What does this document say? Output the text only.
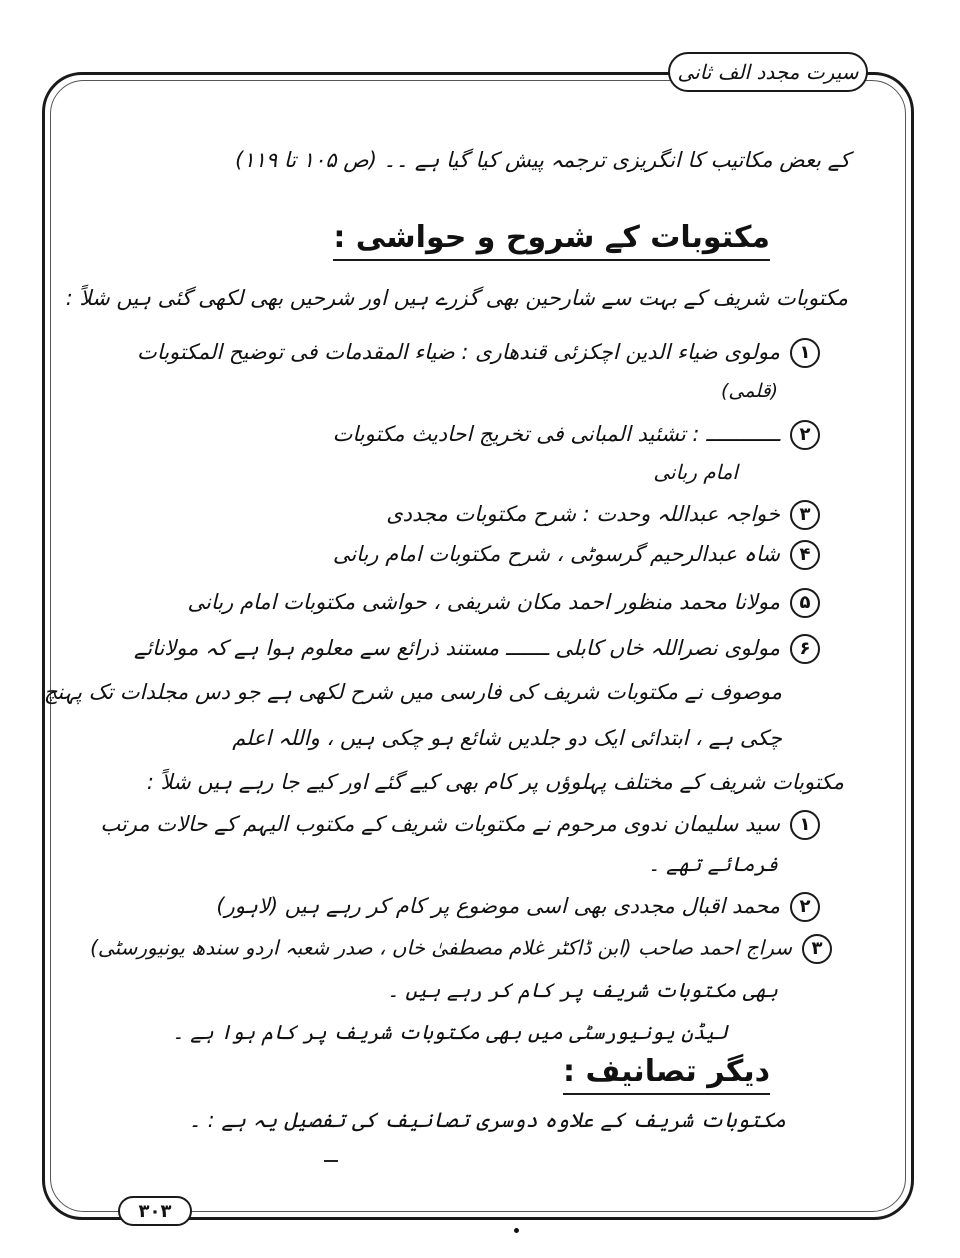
سیرت مجدد الف ثانی
کے بعض مکاتیب کا انگریزی ترجمہ پیش کیا گیا ہے ۔۔ (ص ۱۰۵ تا ۱۱۹)
مکتوبات کے شروح و حواشی :
مکتوبات شریف کے بہت سے شارحین بھی گزرے ہیں اور شرحیں بھی لکھی گئی ہیں شلاً :
۱مولوی ضیاء الدین اچکزئی قندھاری : ضیاء المقدمات فی توضیح المکتوبات
(قلمی)
۲ــــــــــــ : تشئید المبانی فی تخریج احادیث مکتوبات
امام ربانی
۳خواجہ عبداللہ وحدت : شرح مکتوبات مجددی
۴شاہ عبدالرحیم گرسوٹی ، شرح مکتوبات امام ربانی
۵مولانا محمد منظور احمد مکان شریفی ، حواشی مکتوبات امام ربانی
۶مولوی نصراللہ خاں کابلی ـــــــ مستند ذرائع سے معلوم ہوا ہے کہ مولانائے
موصوف نے مکتوبات شریف کی فارسی میں شرح لکھی ہے جو دس مجلدات تک پہنچ
چکی ہے ، ابتدائی ایک دو جلدیں شائع ہو چکی ہیں ، واللہ اعلم
مکتوبات شریف کے مختلف پہلوؤں پر کام بھی کیے گئے اور کیے جا رہے ہیں شلاً :
۱سید سلیمان ندوی مرحوم نے مکتوبات شریف کے مکتوب الیہم کے حالات مرتب
فرمائے تھے ۔
۲محمد اقبال مجددی بھی اسی موضوع پر کام کر رہے ہیں (لاہور)
۳سراج احمد صاحب (ابن ڈاکٹر غلام مصطفیٰ خاں ، صدر شعبہ اردو سندھ یونیورسٹی)
بھی مکتوبات شریف پر کام کر رہے ہیں ۔
لیڈن یونیورسٹی میں بھی مکتوبات شریف پر کام ہوا ہے ۔
دیگر تصانیف :
مکتوبات شریف کے علاوہ دوسری تصانیف کی تفصیل یہ ہے : ۔
۳۰۳
